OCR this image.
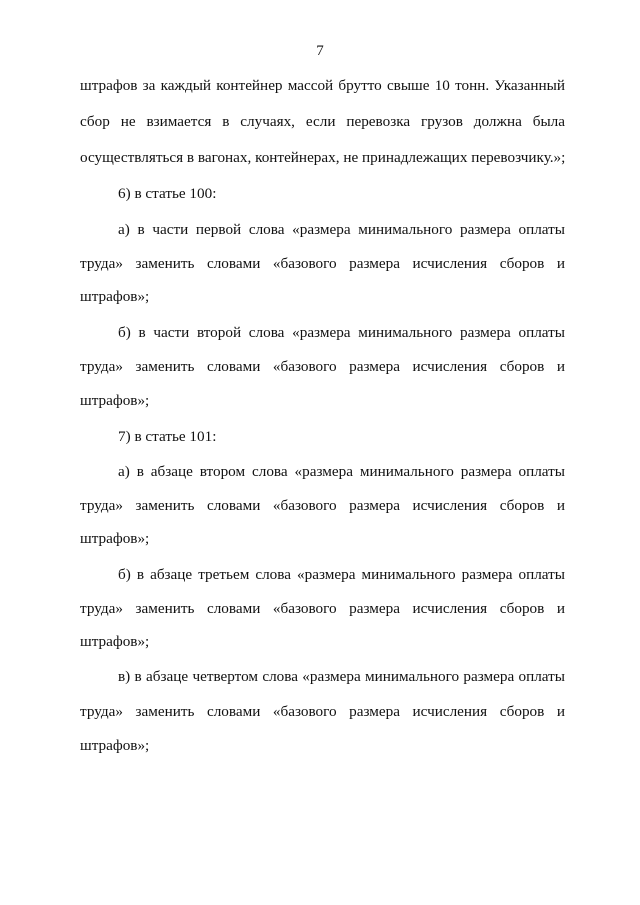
7
штрафов за каждый контейнер массой брутто свыше 10 тонн. Указанный
сбор не взимается в случаях, если перевозка грузов должна была
осуществляться в вагонах, контейнерах, не принадлежащих перевозчику.»;
6) в статье 100:
а) в части первой слова «размера минимального размера оплаты
труда» заменить словами «базового размера исчисления сборов и
штрафов»;
б) в части второй слова «размера минимального размера оплаты
труда» заменить словами «базового размера исчисления сборов и
штрафов»;
7) в статье 101:
а) в абзаце втором слова «размера минимального размера оплаты
труда» заменить словами «базового размера исчисления сборов и
штрафов»;
б) в абзаце третьем слова «размера минимального размера оплаты
труда» заменить словами «базового размера исчисления сборов и
штрафов»;
в) в абзаце четвертом слова «размера минимального размера оплаты
труда» заменить словами «базового размера исчисления сборов и
штрафов»;
